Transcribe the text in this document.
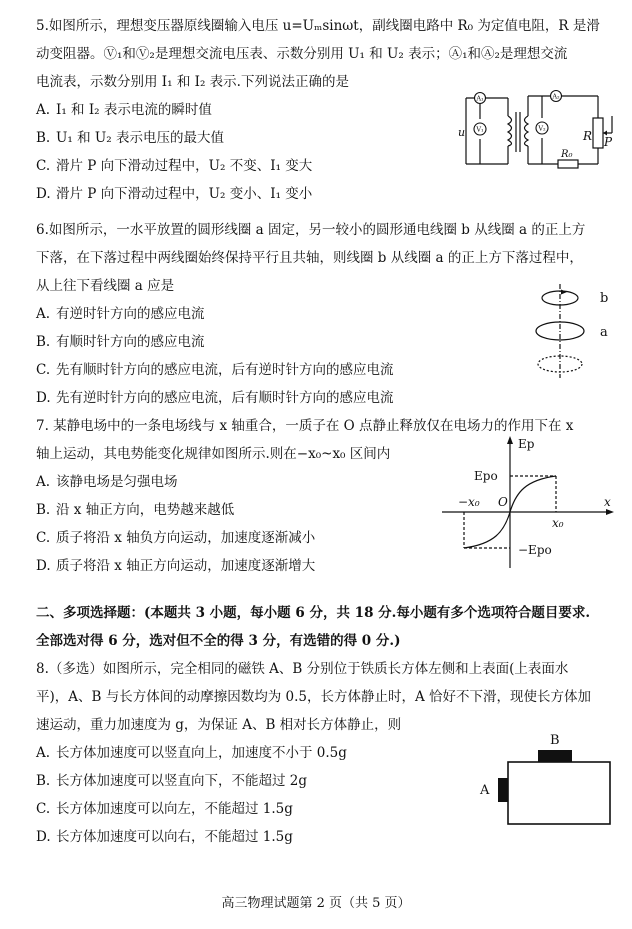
5.如图所示，理想变压器原线圈输入电压 u=Uₘsinωt，副线圈电路中 R₀ 为定值电阻，R 是滑
动变阻器。Ⓥ₁和Ⓥ₂是理想交流电压表、示数分别用 U₁ 和 U₂ 表示；Ⓐ₁和Ⓐ₂是理想交流
电流表，示数分别用 I₁ 和 I₂ 表示.下列说法正确的是
A. I₁ 和 I₂ 表示电流的瞬时值
B. U₁ 和 U₂ 表示电压的最大值
C. 滑片 P 向下滑动过程中，U₂ 不变、I₁ 变大
D. 滑片 P 向下滑动过程中，U₂ 变小、I₁ 变小
A₁
V₁	V₂
A₂
u	R P
R₀
6.如图所示，一水平放置的圆形线圈 a 固定，另一较小的圆形通电线圈 b 从线圈 a 的正上方
下落，在下落过程中两线圈始终保持平行且共轴，则线圈 b 从线圈 a 的正上方下落过程中，
从上往下看线圈 a 应是
A. 有逆时针方向的感应电流
B. 有顺时针方向的感应电流
C. 先有顺时针方向的感应电流，后有逆时针方向的感应电流
D. 先有逆时针方向的感应电流，后有顺时针方向的感应电流
b
a
7. 某静电场中的一条电场线与 x 轴重合，一质子在 O 点静止释放仅在电场力的作用下在 x
轴上运动，其电势能变化规律如图所示.则在−x₀~x₀ 区间内
A. 该静电场是匀强电场
B. 沿 x 轴正方向，电势越来越低
C. 质子将沿 x 轴负方向运动，加速度逐渐减小
D. 质子将沿 x 轴正方向运动，加速度逐渐增大
Ep
Epo
−Epo
−x₀
x₀
O	x
二、多项选择题：(本题共 3 小题，每小题 6 分，共 18 分.每小题有多个选项符合题目要求.
全部选对得 6 分，选对但不全的得 3 分，有选错的得 0 分.)
8.（多选）如图所示，完全相同的磁铁 A、B 分别位于铁质长方体左侧和上表面(上表面水
平)，A、B 与长方体间的动摩擦因数均为 0.5，长方体静止时，A 恰好不下滑，现使长方体加
速运动，重力加速度为 g，为保证 A、B 相对长方体静止，则
A. 长方体加速度可以竖直向上，加速度不小于 0.5g
B. 长方体加速度可以竖直向下，不能超过 2g
C. 长方体加速度可以向左，不能超过 1.5g
D. 长方体加速度可以向右，不能超过 1.5g
B
A
高三物理试题第 2 页（共 5 页）
